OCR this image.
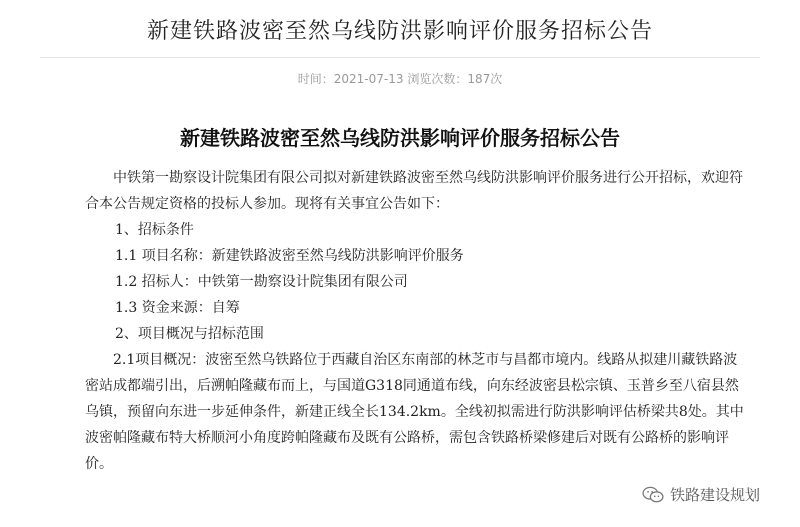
新建铁路波密至然乌线防洪影响评价服务招标公告
时间：2021-07-13 浏览次数：187次
新建铁路波密至然乌线防洪影响评价服务招标公告

中铁第一勘察设计院集团有限公司拟对新建铁路波密至然乌线防洪影响评价服务进行公开招标，欢迎符合本公告规定资格的投标人参加。现将有关事宜公告如下：

1、招标条件

1.1 项目名称：新建铁路波密至然乌线防洪影响评价服务

1.2 招标人：中铁第一勘察设计院集团有限公司

1.3 资金来源：自筹

2、项目概况与招标范围

2.1项目概况：波密至然乌铁路位于西藏自治区东南部的林芝市与昌都市境内。线路从拟建川藏铁路波密站成都端引出，后溯帕隆藏布而上，与国道G318同通道布线，向东经波密县松宗镇、玉普乡至八宿县然乌镇，预留向东进一步延伸条件，新建正线全长134.2km。全线初拟需进行防洪影响评估桥梁共8处。其中波密帕隆藏布特大桥顺河小角度跨帕隆藏布及既有公路桥，需包含铁路桥梁修建后对既有公路桥的影响评价。

铁路建设规划
